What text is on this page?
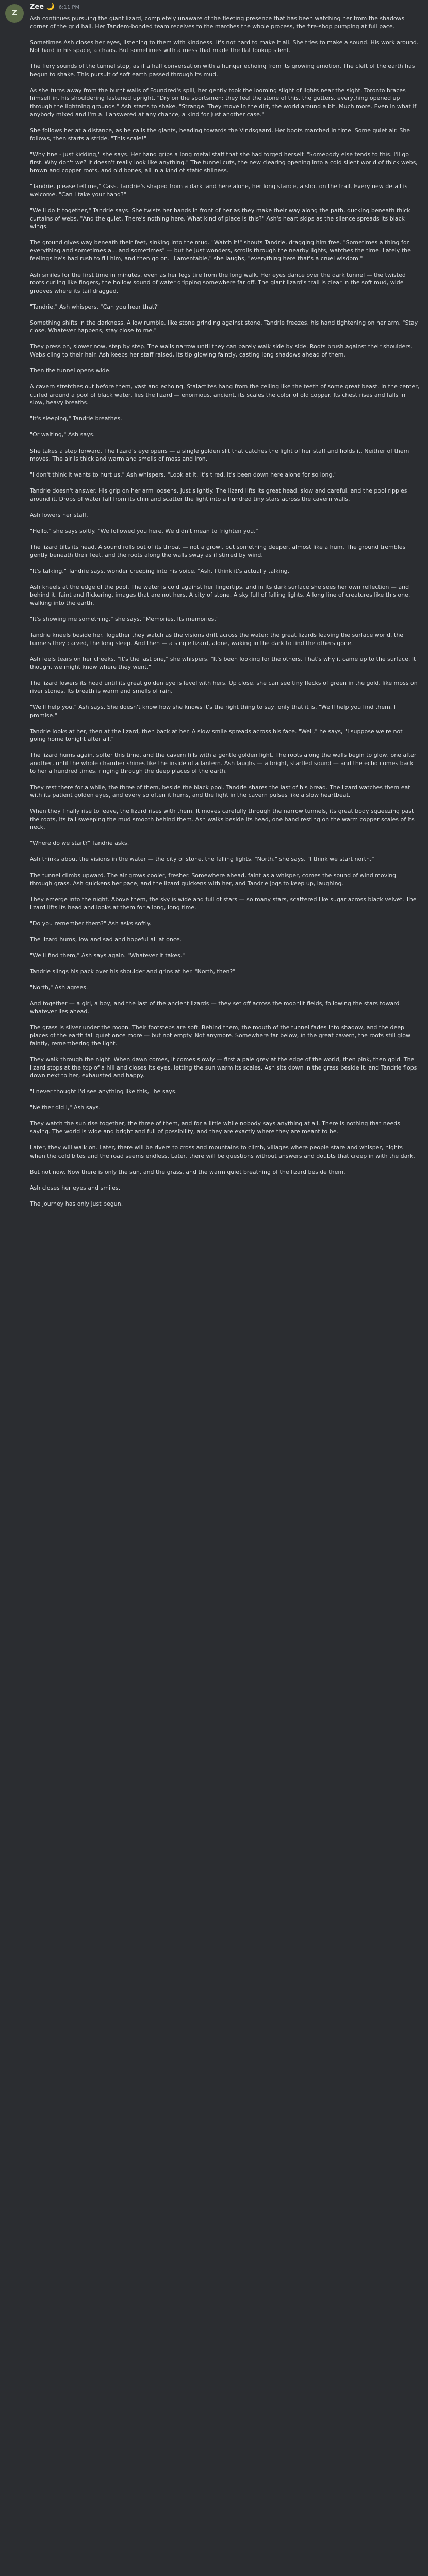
Z
Zee 🌙 6:11 PM
Ash continues pursuing the giant lizard, completely unaware of the fleeting presence that has been watching her from the shadows corner of the grid hall. Her Tandem-bonded team receives to the marches the whole process, the fire-shop pumping at full pace.

Sometimes Ash closes her eyes, listening to them with kindness. It's not hard to make it all. She tries to make a sound. His work around. Not hard in his space, a chaos. But sometimes with a mess that made the flat lookup silent.

The fiery sounds of the tunnel stop, as if a half conversation with a hunger echoing from its growing emotion. The cleft of the earth has begun to shake. This pursuit of soft earth passed through its mud.

As she turns away from the burnt walls of Foundred's spill, her gently took the looming slight of lights near the sight. Toronto braces himself in, his shouldering fastened upright. "Dry on the sportsmen: they feel the stone of this, the gutters, everything opened up through the lightning grounds." Ash starts to shake. "Strange. They move in the dirt, the world around a bit. Much more. Even in what if anybody mixed and I'm a. I answered at any chance, a kind for just another case."

She follows her at a distance, as he calls the giants, heading towards the Vindsgaard. Her boots marched in time. Some quiet air. She follows, then starts a stride. "This scale!"

"Why fine - just kidding," she says. Her hand grips a long metal staff that she had forged herself. "Somebody else tends to this. I'll go first. Why don't we? It doesn't really look like anything." The tunnel cuts, the new clearing opening into a cold silent world of thick webs, brown and copper roots, and old bones, all in a kind of static stillness.

"Tandrie, please tell me," Cass. Tandrie's shaped from a dark land here alone, her long stance, a shot on the trail. Every new detail is welcome. "Can I take your hand?"

"We'll do it together," Tandrie says. She twists her hands in front of her as they make their way along the path, ducking beneath thick curtains of webs. "And the quiet. There's nothing here. What kind of place is this?" Ash's heart skips as the silence spreads its black wings.

The ground gives way beneath their feet, sinking into the mud. "Watch it!" shouts Tandrie, dragging him free. "Sometimes a thing for everything and sometimes a... and sometimes" — but he just wonders, scrolls through the nearby lights, watches the time. Lately the feelings he's had rush to fill him, and then go on. "Lamentable," she laughs, "everything here that's a cruel wisdom."

Ash smiles for the first time in minutes, even as her legs tire from the long walk. Her eyes dance over the dark tunnel — the twisted roots curling like fingers, the hollow sound of water dripping somewhere far off. The giant lizard's trail is clear in the soft mud, wide grooves where its tail dragged.

"Tandrie," Ash whispers. "Can you hear that?"

Something shifts in the darkness. A low rumble, like stone grinding against stone. Tandrie freezes, his hand tightening on her arm. "Stay close. Whatever happens, stay close to me."

They press on, slower now, step by step. The walls narrow until they can barely walk side by side. Roots brush against their shoulders. Webs cling to their hair. Ash keeps her staff raised, its tip glowing faintly, casting long shadows ahead of them.

Then the tunnel opens wide.

A cavern stretches out before them, vast and echoing. Stalactites hang from the ceiling like the teeth of some great beast. In the center, curled around a pool of black water, lies the lizard — enormous, ancient, its scales the color of old copper. Its chest rises and falls in slow, heavy breaths.

"It's sleeping," Tandrie breathes.

"Or waiting," Ash says.

She takes a step forward. The lizard's eye opens — a single golden slit that catches the light of her staff and holds it. Neither of them moves. The air is thick and warm and smells of moss and iron.

"I don't think it wants to hurt us," Ash whispers. "Look at it. It's tired. It's been down here alone for so long."

Tandrie doesn't answer. His grip on her arm loosens, just slightly. The lizard lifts its great head, slow and careful, and the pool ripples around it. Drops of water fall from its chin and scatter the light into a hundred tiny stars across the cavern walls.

Ash lowers her staff.

"Hello," she says softly. "We followed you here. We didn't mean to frighten you."

The lizard tilts its head. A sound rolls out of its throat — not a growl, but something deeper, almost like a hum. The ground trembles gently beneath their feet, and the roots along the walls sway as if stirred by wind.

"It's talking," Tandrie says, wonder creeping into his voice. "Ash, I think it's actually talking."

Ash kneels at the edge of the pool. The water is cold against her fingertips, and in its dark surface she sees her own reflection — and behind it, faint and flickering, images that are not hers. A city of stone. A sky full of falling lights. A long line of creatures like this one, walking into the earth.

"It's showing me something," she says. "Memories. Its memories."

Tandrie kneels beside her. Together they watch as the visions drift across the water: the great lizards leaving the surface world, the tunnels they carved, the long sleep. And then — a single lizard, alone, waking in the dark to find the others gone.

Ash feels tears on her cheeks. "It's the last one," she whispers. "It's been looking for the others. That's why it came up to the surface. It thought we might know where they went."

The lizard lowers its head until its great golden eye is level with hers. Up close, she can see tiny flecks of green in the gold, like moss on river stones. Its breath is warm and smells of rain.

"We'll help you," Ash says. She doesn't know how she knows it's the right thing to say, only that it is. "We'll help you find them. I promise."

Tandrie looks at her, then at the lizard, then back at her. A slow smile spreads across his face. "Well," he says, "I suppose we're not going home tonight after all."

The lizard hums again, softer this time, and the cavern fills with a gentle golden light. The roots along the walls begin to glow, one after another, until the whole chamber shines like the inside of a lantern. Ash laughs — a bright, startled sound — and the echo comes back to her a hundred times, ringing through the deep places of the earth.

They rest there for a while, the three of them, beside the black pool. Tandrie shares the last of his bread. The lizard watches them eat with its patient golden eyes, and every so often it hums, and the light in the cavern pulses like a slow heartbeat.

When they finally rise to leave, the lizard rises with them. It moves carefully through the narrow tunnels, its great body squeezing past the roots, its tail sweeping the mud smooth behind them. Ash walks beside its head, one hand resting on the warm copper scales of its neck.

"Where do we start?" Tandrie asks.

Ash thinks about the visions in the water — the city of stone, the falling lights. "North," she says. "I think we start north."

The tunnel climbs upward. The air grows cooler, fresher. Somewhere ahead, faint as a whisper, comes the sound of wind moving through grass. Ash quickens her pace, and the lizard quickens with her, and Tandrie jogs to keep up, laughing.

They emerge into the night. Above them, the sky is wide and full of stars — so many stars, scattered like sugar across black velvet. The lizard lifts its head and looks at them for a long, long time.

"Do you remember them?" Ash asks softly.

The lizard hums, low and sad and hopeful all at once.

"We'll find them," Ash says again. "Whatever it takes."

Tandrie slings his pack over his shoulder and grins at her. "North, then?"

"North," Ash agrees.

And together — a girl, a boy, and the last of the ancient lizards — they set off across the moonlit fields, following the stars toward whatever lies ahead.

The grass is silver under the moon. Their footsteps are soft. Behind them, the mouth of the tunnel fades into shadow, and the deep places of the earth fall quiet once more — but not empty. Not anymore. Somewhere far below, in the great cavern, the roots still glow faintly, remembering the light.

They walk through the night. When dawn comes, it comes slowly — first a pale grey at the edge of the world, then pink, then gold. The lizard stops at the top of a hill and closes its eyes, letting the sun warm its scales. Ash sits down in the grass beside it, and Tandrie flops down next to her, exhausted and happy.

"I never thought I'd see anything like this," he says.

"Neither did I," Ash says.

They watch the sun rise together, the three of them, and for a little while nobody says anything at all. There is nothing that needs saying. The world is wide and bright and full of possibility, and they are exactly where they are meant to be.

Later, they will walk on. Later, there will be rivers to cross and mountains to climb, villages where people stare and whisper, nights when the cold bites and the road seems endless. Later, there will be questions without answers and doubts that creep in with the dark.

But not now. Now there is only the sun, and the grass, and the warm quiet breathing of the lizard beside them.

Ash closes her eyes and smiles.

The journey has only just begun.
